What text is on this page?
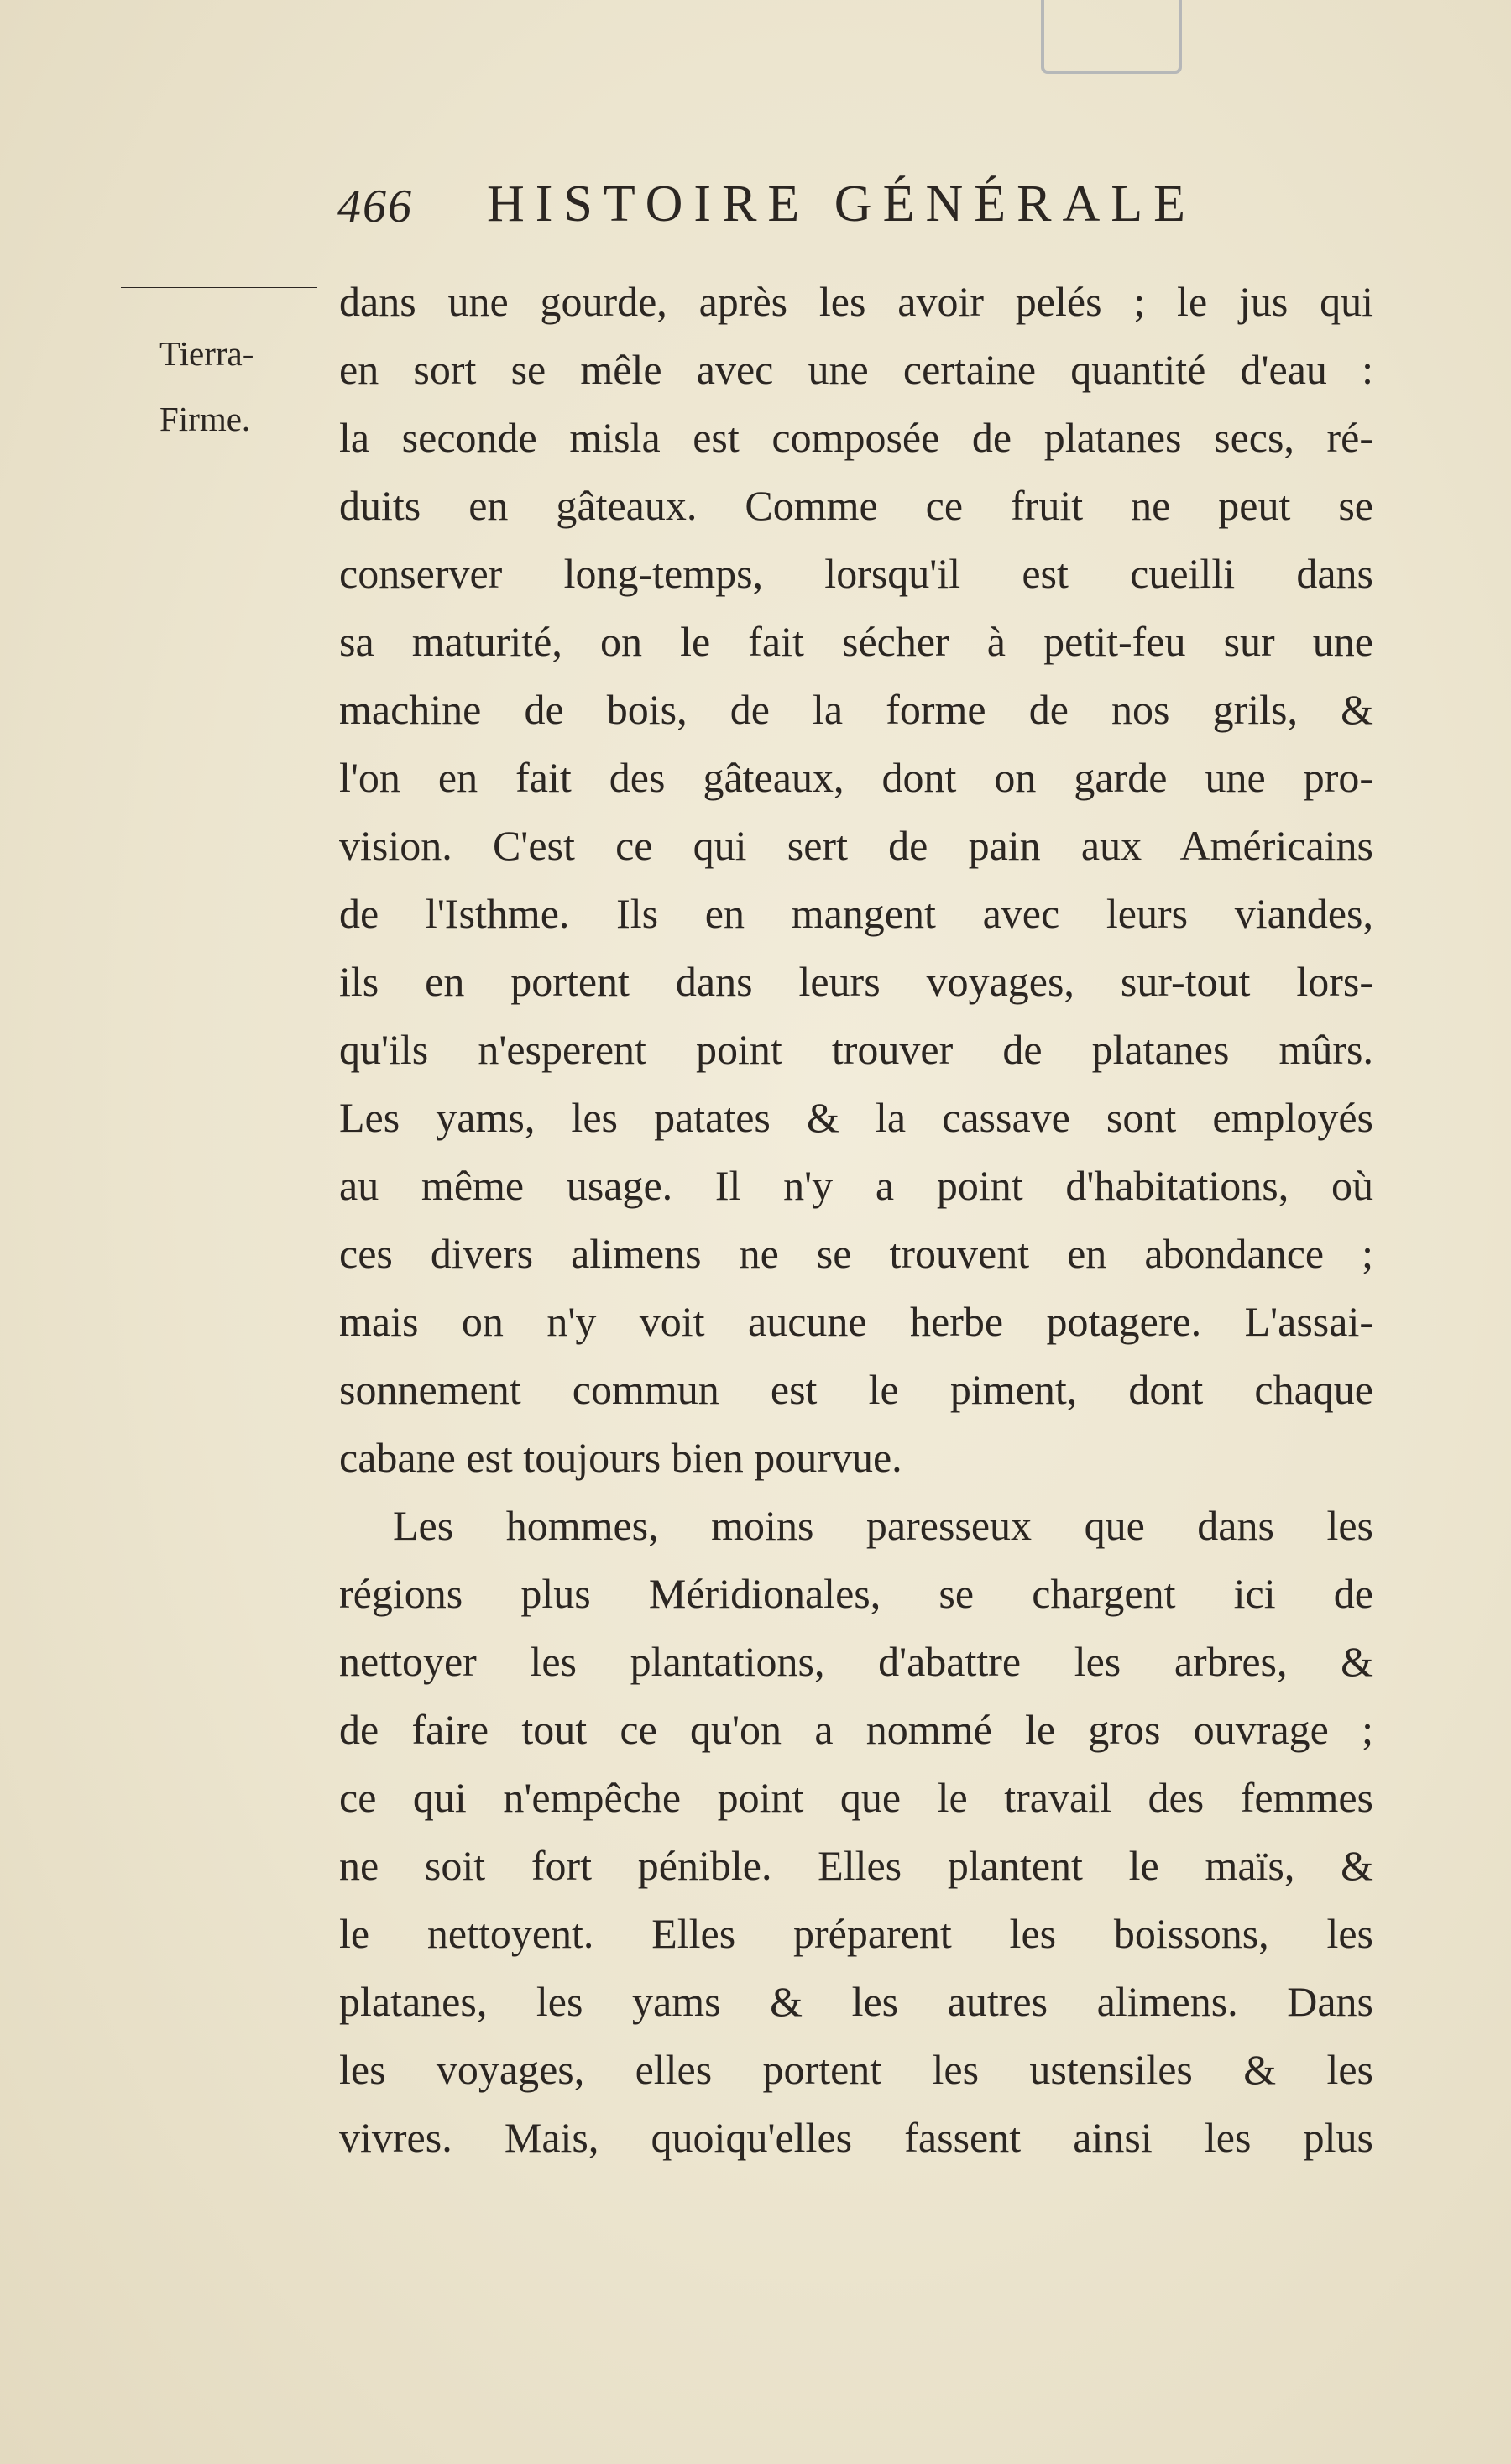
466 HISTOIRE GÉNÉRALE
Tierra-
Firme.
dans une gourde, après les avoir pelés ; le jus qui
en sort se mêle avec une certaine quantité d'eau :
la seconde misla est composée de platanes secs, ré-
duits en gâteaux. Comme ce fruit ne peut se
conserver long-temps, lorsqu'il est cueilli dans
sa maturité, on le fait sécher à petit-feu sur une
machine de bois, de la forme de nos grils, &
l'on en fait des gâteaux, dont on garde une pro-
vision. C'est ce qui sert de pain aux Américains
de l'Isthme. Ils en mangent avec leurs viandes,
ils en portent dans leurs voyages, sur-tout lors-
qu'ils n'esperent point trouver de platanes mûrs.
Les yams, les patates & la cassave sont employés
au même usage. Il n'y a point d'habitations, où
ces divers alimens ne se trouvent en abondance ;
mais on n'y voit aucune herbe potagere. L'assai-
sonnement commun est le piment, dont chaque
cabane est toujours bien pourvue.
Les hommes, moins paresseux que dans les
régions plus Méridionales, se chargent ici de
nettoyer les plantations, d'abattre les arbres, &
de faire tout ce qu'on a nommé le gros ouvrage ;
ce qui n'empêche point que le travail des femmes
ne soit fort pénible. Elles plantent le maïs, &
le nettoyent. Elles préparent les boissons, les
platanes, les yams & les autres alimens. Dans
les voyages, elles portent les ustensiles & les
vivres. Mais, quoiqu'elles fassent ainsi les plus
